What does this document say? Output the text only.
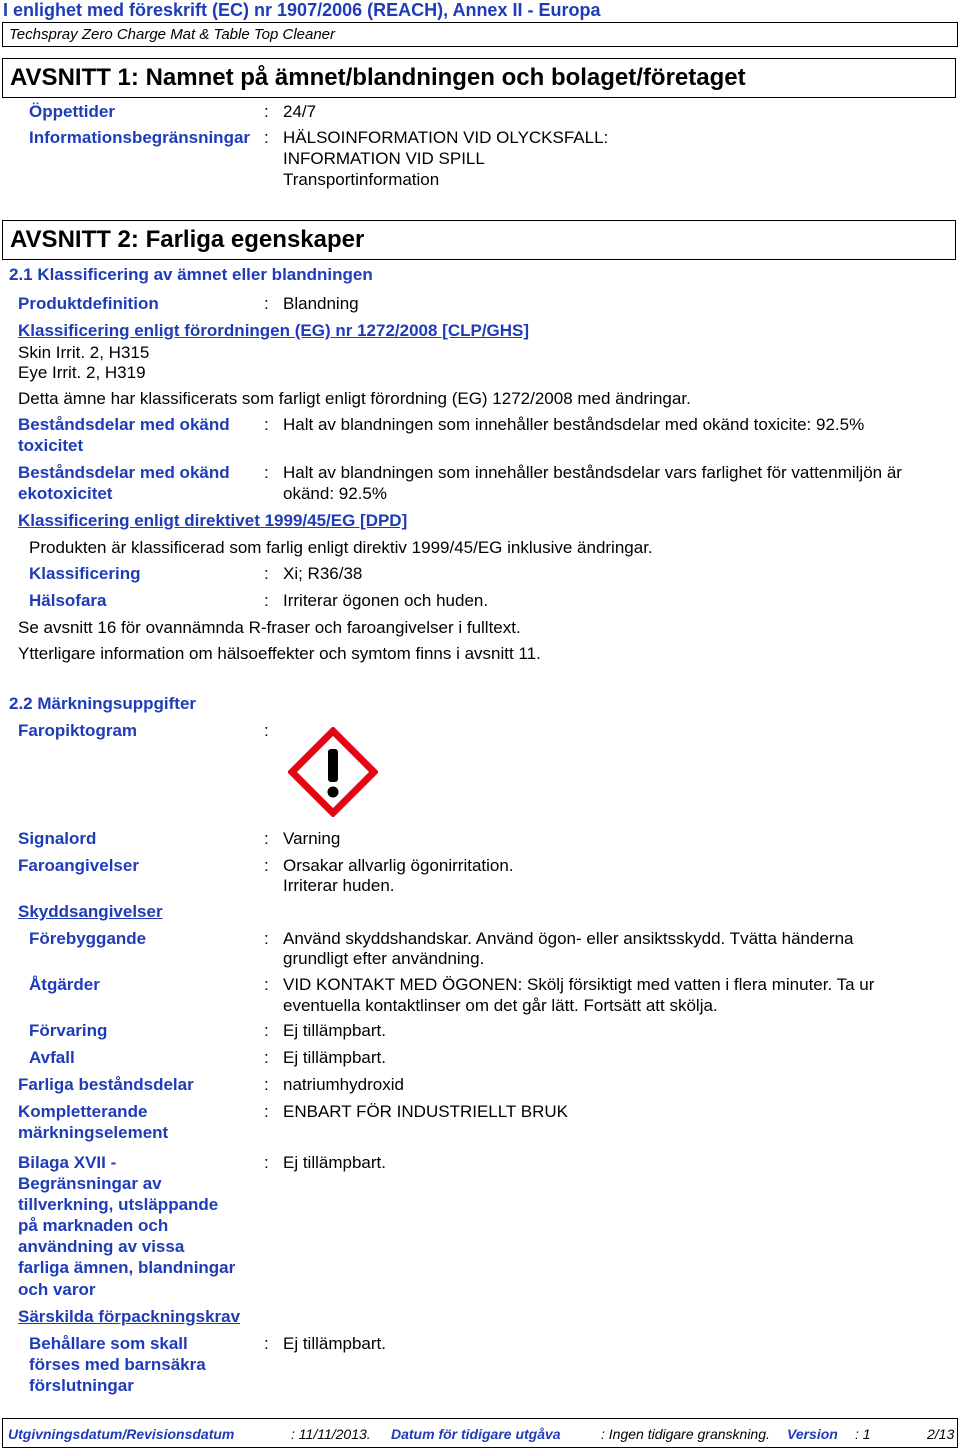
I enlighet med föreskrift (EC) nr 1907/2006 (REACH), Annex II - Europa
Techspray Zero Charge Mat & Table Top Cleaner
AVSNITT 1: Namnet på ämnet/blandningen och bolaget/företaget
Öppettider	: 24/7
Informationsbegränsningar : HÄLSOINFORMATION VID OLYCKSFALL:
INFORMATION VID SPILL
Transportinformation
AVSNITT 2: Farliga egenskaper
2.1 Klassificering av ämnet eller blandningen
Produktdefinition	: Blandning
Klassificering enligt förordningen (EG) nr 1272/2008 [CLP/GHS]
Skin Irrit. 2, H315
Eye Irrit. 2, H319
Detta ämne har klassificerats som farligt enligt förordning (EG) 1272/2008 med ändringar.
Beståndsdelar med okänd
toxicitet
: Halt av blandningen som innehåller beståndsdelar med okänd toxicite: 92.5%
Beståndsdelar med okänd
ekotoxicitet
: Halt av blandningen som innehåller beståndsdelar vars farlighet för vattenmiljön är
okänd: 92.5%
Klassificering enligt direktivet 1999/45/EG [DPD]
Produkten är klassificerad som farlig enligt direktiv 1999/45/EG inklusive ändringar.
Klassificering	: Xi; R36/38
Hälsofara	: Irriterar ögonen och huden.
Se avsnitt 16 för ovannämnda R-fraser och faroangivelser i fulltext.
Ytterligare information om hälsoeffekter och symtom finns i avsnitt 11.
2.2 Märkningsuppgifter
Faropiktogram	:
Signalord	: Varning
Faroangivelser	: Orsakar allvarlig ögonirritation.
Irriterar huden.
Skyddsangivelser
Förebyggande	: Använd skyddshandskar. Använd ögon- eller ansiktsskydd. Tvätta händerna
grundligt efter användning.
Åtgärder	: VID KONTAKT MED ÖGONEN: Skölj försiktigt med vatten i flera minuter. Ta ur
eventuella kontaktlinser om det går lätt. Fortsätt att skölja.
Förvaring	: Ej tillämpbart.
Avfall	: Ej tillämpbart.
Farliga beståndsdelar	: natriumhydroxid
Kompletterande
märkningselement
: ENBART FÖR INDUSTRIELLT BRUK
Bilaga XVII -
Begränsningar av
tillverkning, utsläppande
på marknaden och
användning av vissa
farliga ämnen, blandningar
och varor
: Ej tillämpbart.
Särskilda förpackningskrav
Behållare som skall
förses med barnsäkra
förslutningar
: Ej tillämpbart.
Utgivningsdatum/Revisionsdatum	: 11/11/2013. Datum för tidigare utgåva	: Ingen tidigare granskning. Version : 1	2/13
